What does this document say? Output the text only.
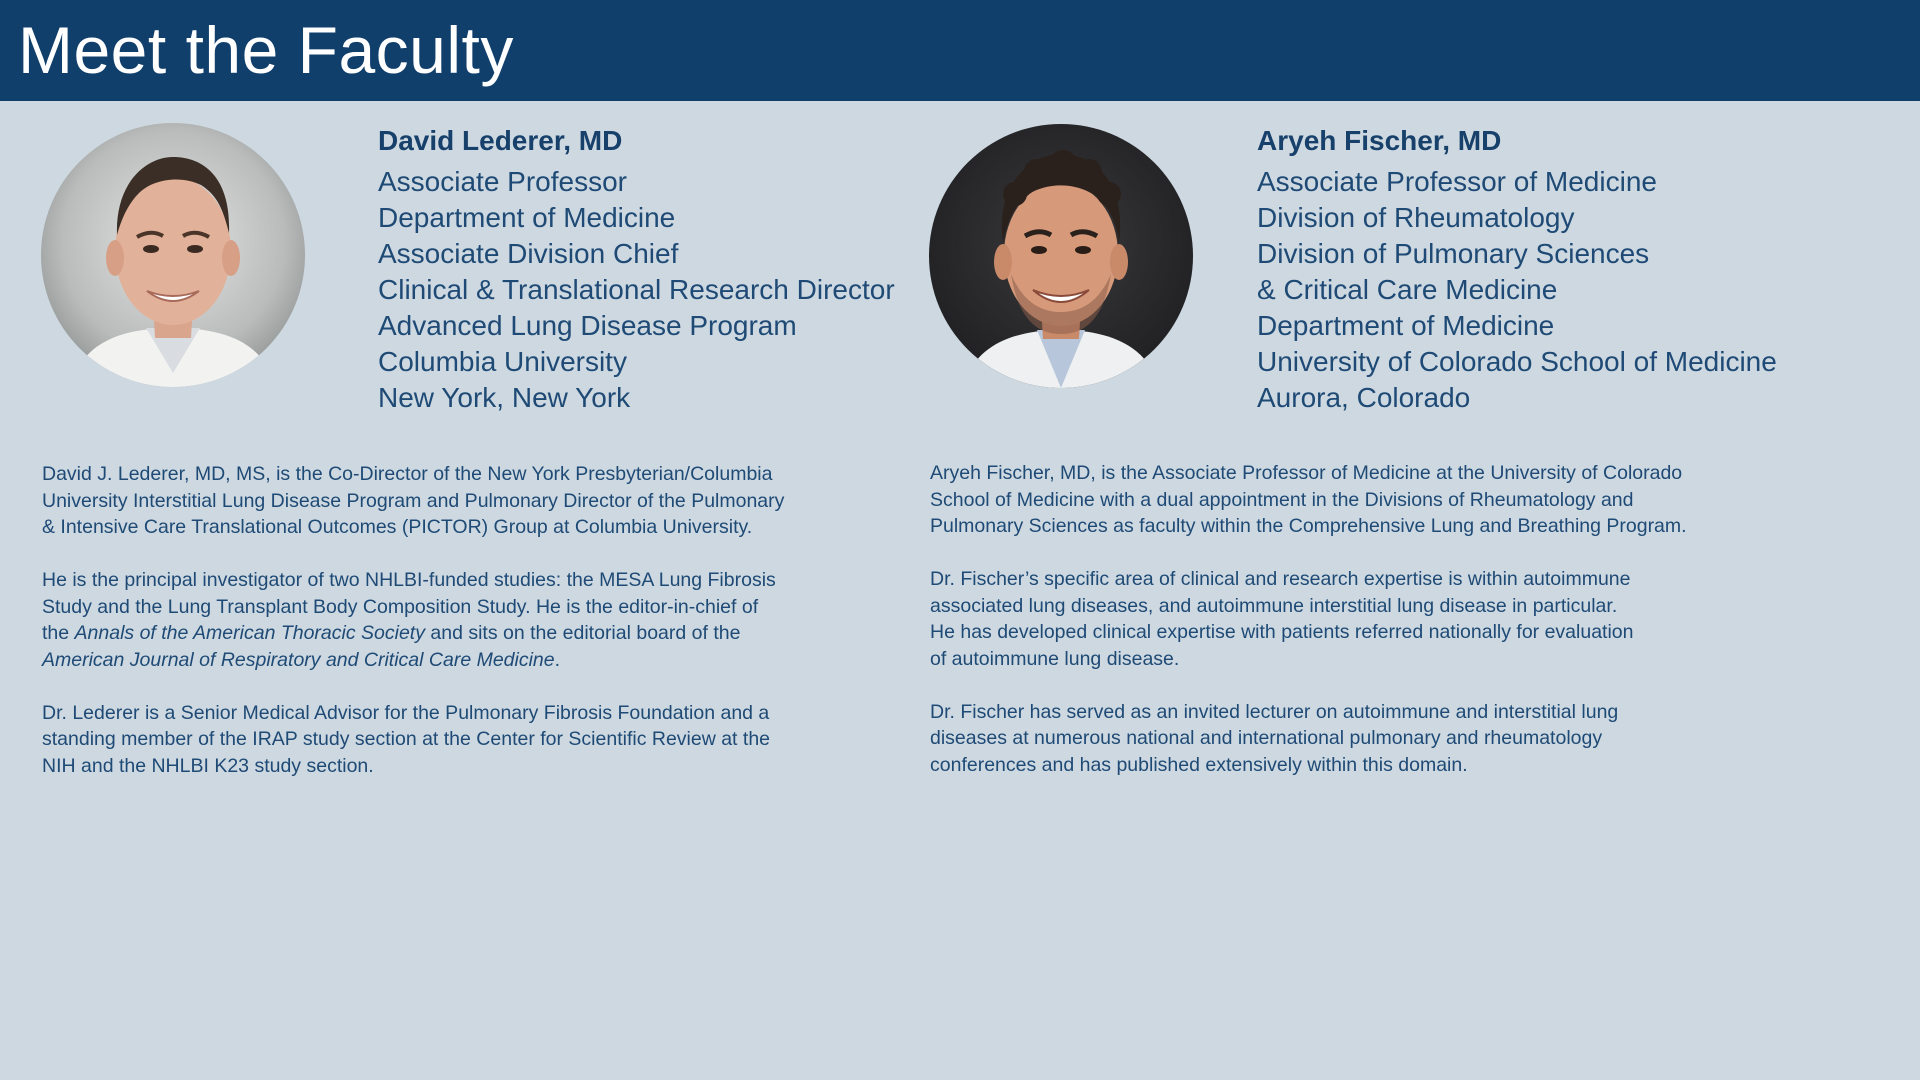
Meet the Faculty
David Lederer, MD
Associate Professor
Department of Medicine
Associate Division Chief
Clinical & Translational Research Director
Advanced Lung Disease Program
Columbia University
New York, New York
Aryeh Fischer, MD
Associate Professor of Medicine
Division of Rheumatology
Division of Pulmonary Sciences
& Critical Care Medicine
Department of Medicine
University of Colorado School of Medicine
Aurora, Colorado

David J. Lederer, MD, MS, is the Co-Director of the New York Presbyterian/Columbia
University Interstitial Lung Disease Program and Pulmonary Director of the Pulmonary
& Intensive Care Translational Outcomes (PICTOR) Group at Columbia University.

He is the principal investigator of two NHLBI-funded studies: the MESA Lung Fibrosis
Study and the Lung Transplant Body Composition Study. He is the editor-in-chief of
the Annals of the American Thoracic Society and sits on the editorial board of the
American Journal of Respiratory and Critical Care Medicine.

Dr. Lederer is a Senior Medical Advisor for the Pulmonary Fibrosis Foundation and a
standing member of the IRAP study section at the Center for Scientific Review at the
NIH and the NHLBI K23 study section.

Aryeh Fischer, MD, is the Associate Professor of Medicine at the University of Colorado
School of Medicine with a dual appointment in the Divisions of Rheumatology and
Pulmonary Sciences as faculty within the Comprehensive Lung and Breathing Program.

Dr. Fischer’s specific area of clinical and research expertise is within autoimmune
associated lung diseases, and autoimmune interstitial lung disease in particular.
He has developed clinical expertise with patients referred nationally for evaluation
of autoimmune lung disease.

Dr. Fischer has served as an invited lecturer on autoimmune and interstitial lung
diseases at numerous national and international pulmonary and rheumatology
conferences and has published extensively within this domain.
